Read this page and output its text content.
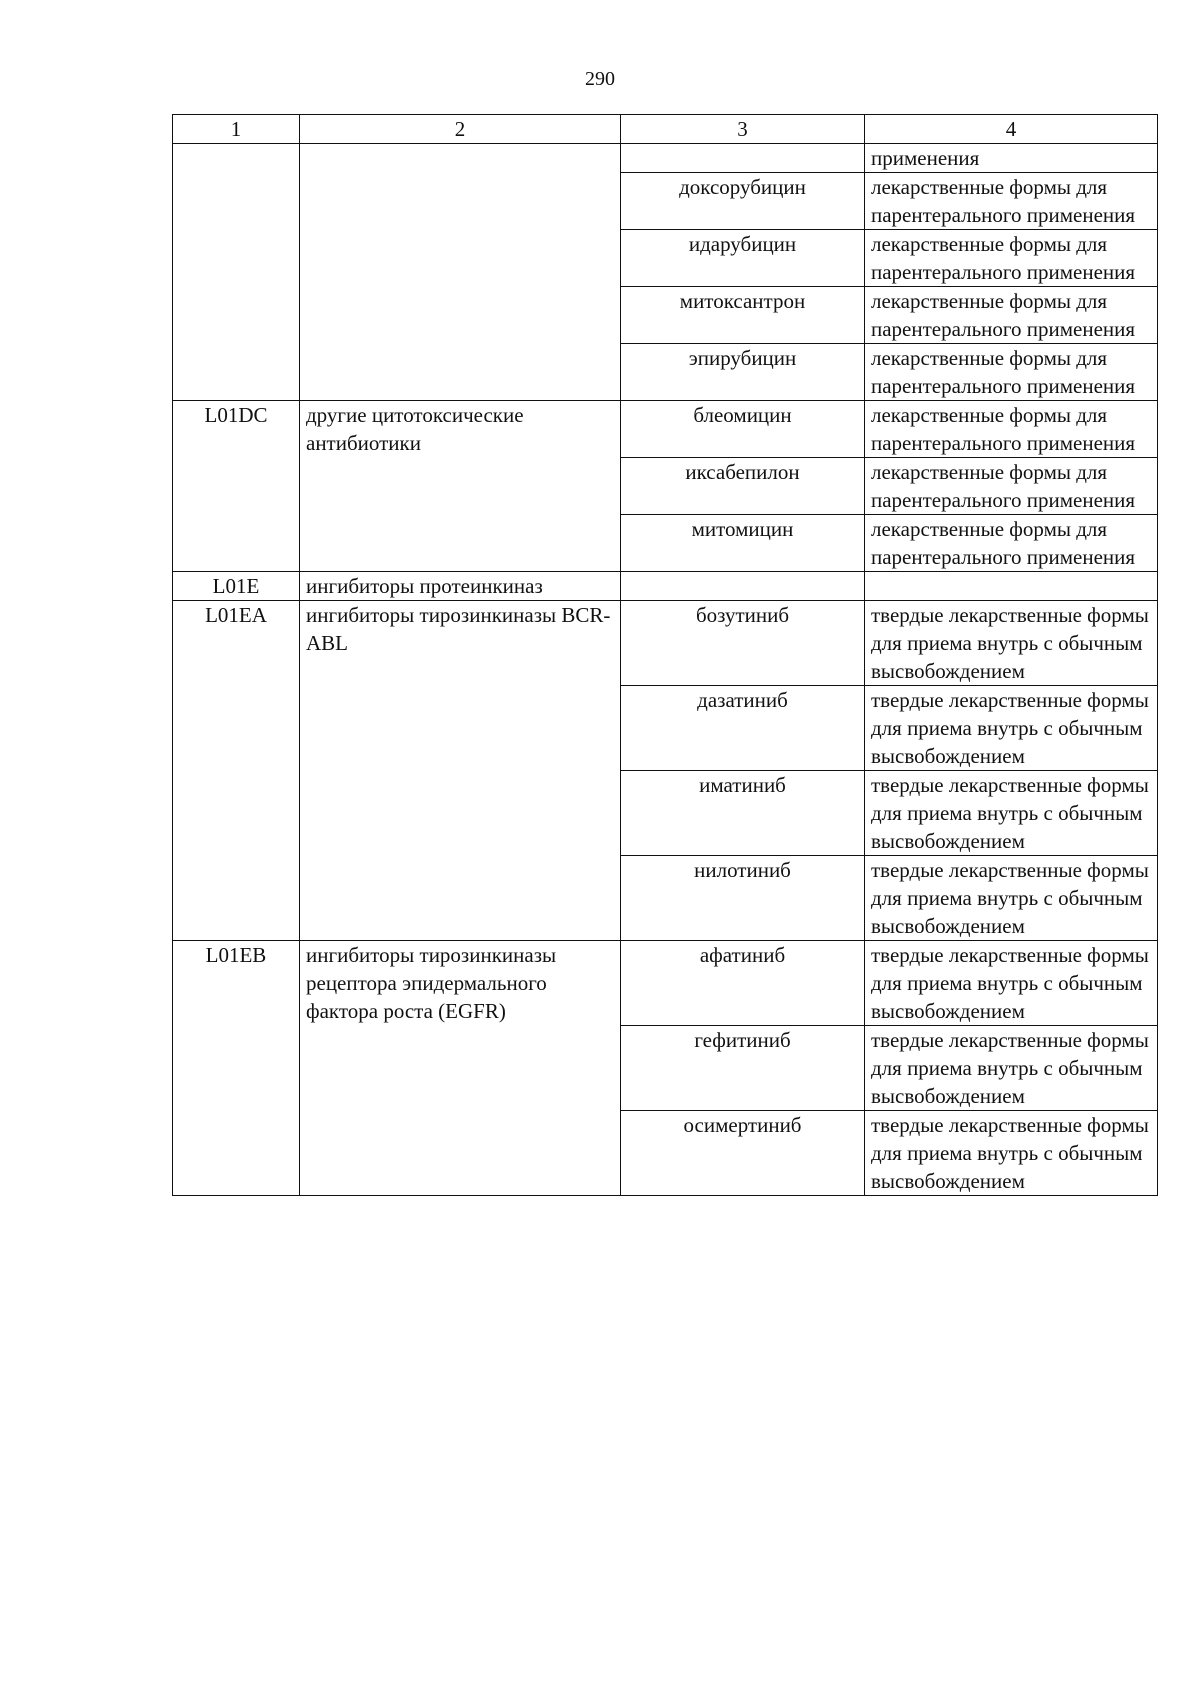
290
1	2	3	4
			применения
		доксорубицин	лекарственные формы для парентерального применения
		идарубицин	лекарственные формы для парентерального применения
		митоксантрон	лекарственные формы для парентерального применения
		эпирубицин	лекарственные формы для парентерального применения
L01DC	другие цитотоксические антибиотики	блеомицин	лекарственные формы для парентерального применения
		иксабепилон	лекарственные формы для парентерального применения
		митомицин	лекарственные формы для парентерального применения
L01E	ингибиторы протеинкиназ		
L01EA	ингибиторы тирозинкиназы BCR-ABL	бозутиниб	твердые лекарственные формы для приема внутрь с обычным высвобождением
		дазатиниб	твердые лекарственные формы для приема внутрь с обычным высвобождением
		иматиниб	твердые лекарственные формы для приема внутрь с обычным высвобождением
		нилотиниб	твердые лекарственные формы для приема внутрь с обычным высвобождением
L01EB	ингибиторы тирозинкиназы рецептора эпидермального фактора роста (EGFR)	афатиниб	твердые лекарственные формы для приема внутрь с обычным высвобождением
		гефитиниб	твердые лекарственные формы для приема внутрь с обычным высвобождением
		осимертиниб	твердые лекарственные формы для приема внутрь с обычным высвобождением
